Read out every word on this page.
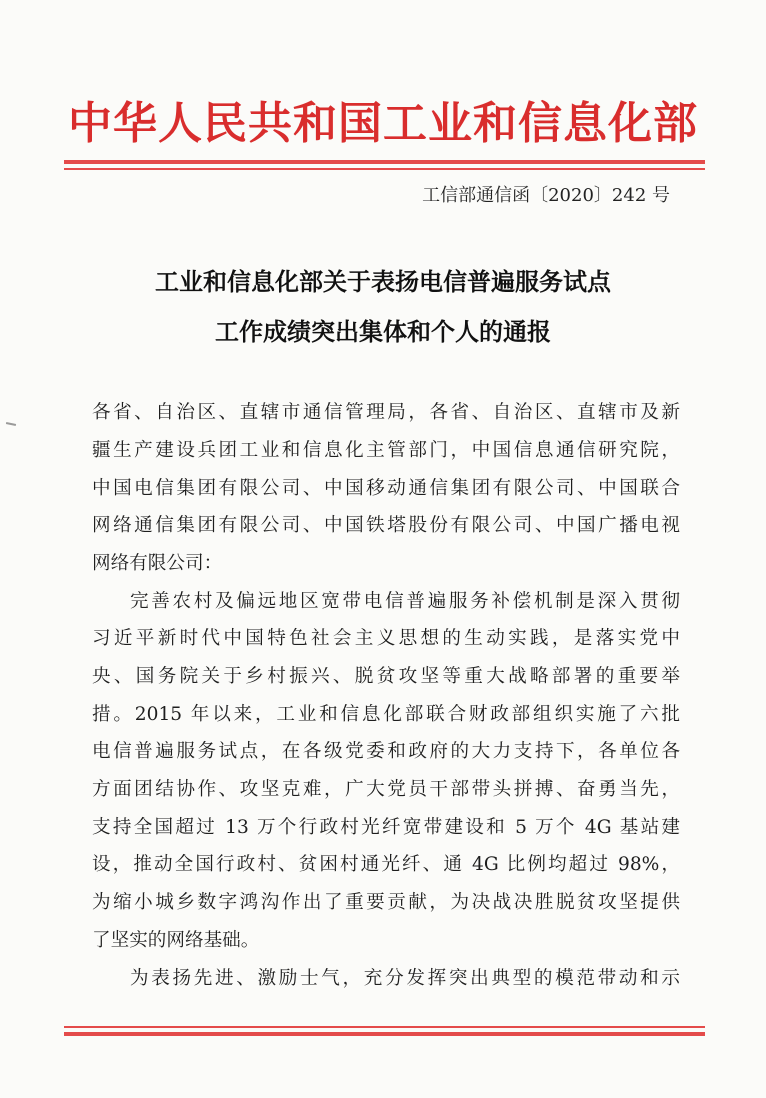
中华人民共和国工业和信息化部
工信部通信函〔2020〕242 号
工业和信息化部关于表扬电信普遍服务试点
工作成绩突出集体和个人的通报
各省、自治区、直辖市通信管理局，各省、自治区、直辖市及新
疆生产建设兵团工业和信息化主管部门，中国信息通信研究院，
中国电信集团有限公司、中国移动通信集团有限公司、中国联合
网络通信集团有限公司、中国铁塔股份有限公司、中国广播电视
网络有限公司：
完善农村及偏远地区宽带电信普遍服务补偿机制是深入贯彻
习近平新时代中国特色社会主义思想的生动实践，是落实党中
央、国务院关于乡村振兴、脱贫攻坚等重大战略部署的重要举
措。2015 年以来，工业和信息化部联合财政部组织实施了六批
电信普遍服务试点，在各级党委和政府的大力支持下，各单位各
方面团结协作、攻坚克难，广大党员干部带头拼搏、奋勇当先，
支持全国超过 13 万个行政村光纤宽带建设和 5 万个 4G 基站建
设，推动全国行政村、贫困村通光纤、通 4G 比例均超过 98%，
为缩小城乡数字鸿沟作出了重要贡献，为决战决胜脱贫攻坚提供
了坚实的网络基础。
为表扬先进、激励士气，充分发挥突出典型的模范带动和示
